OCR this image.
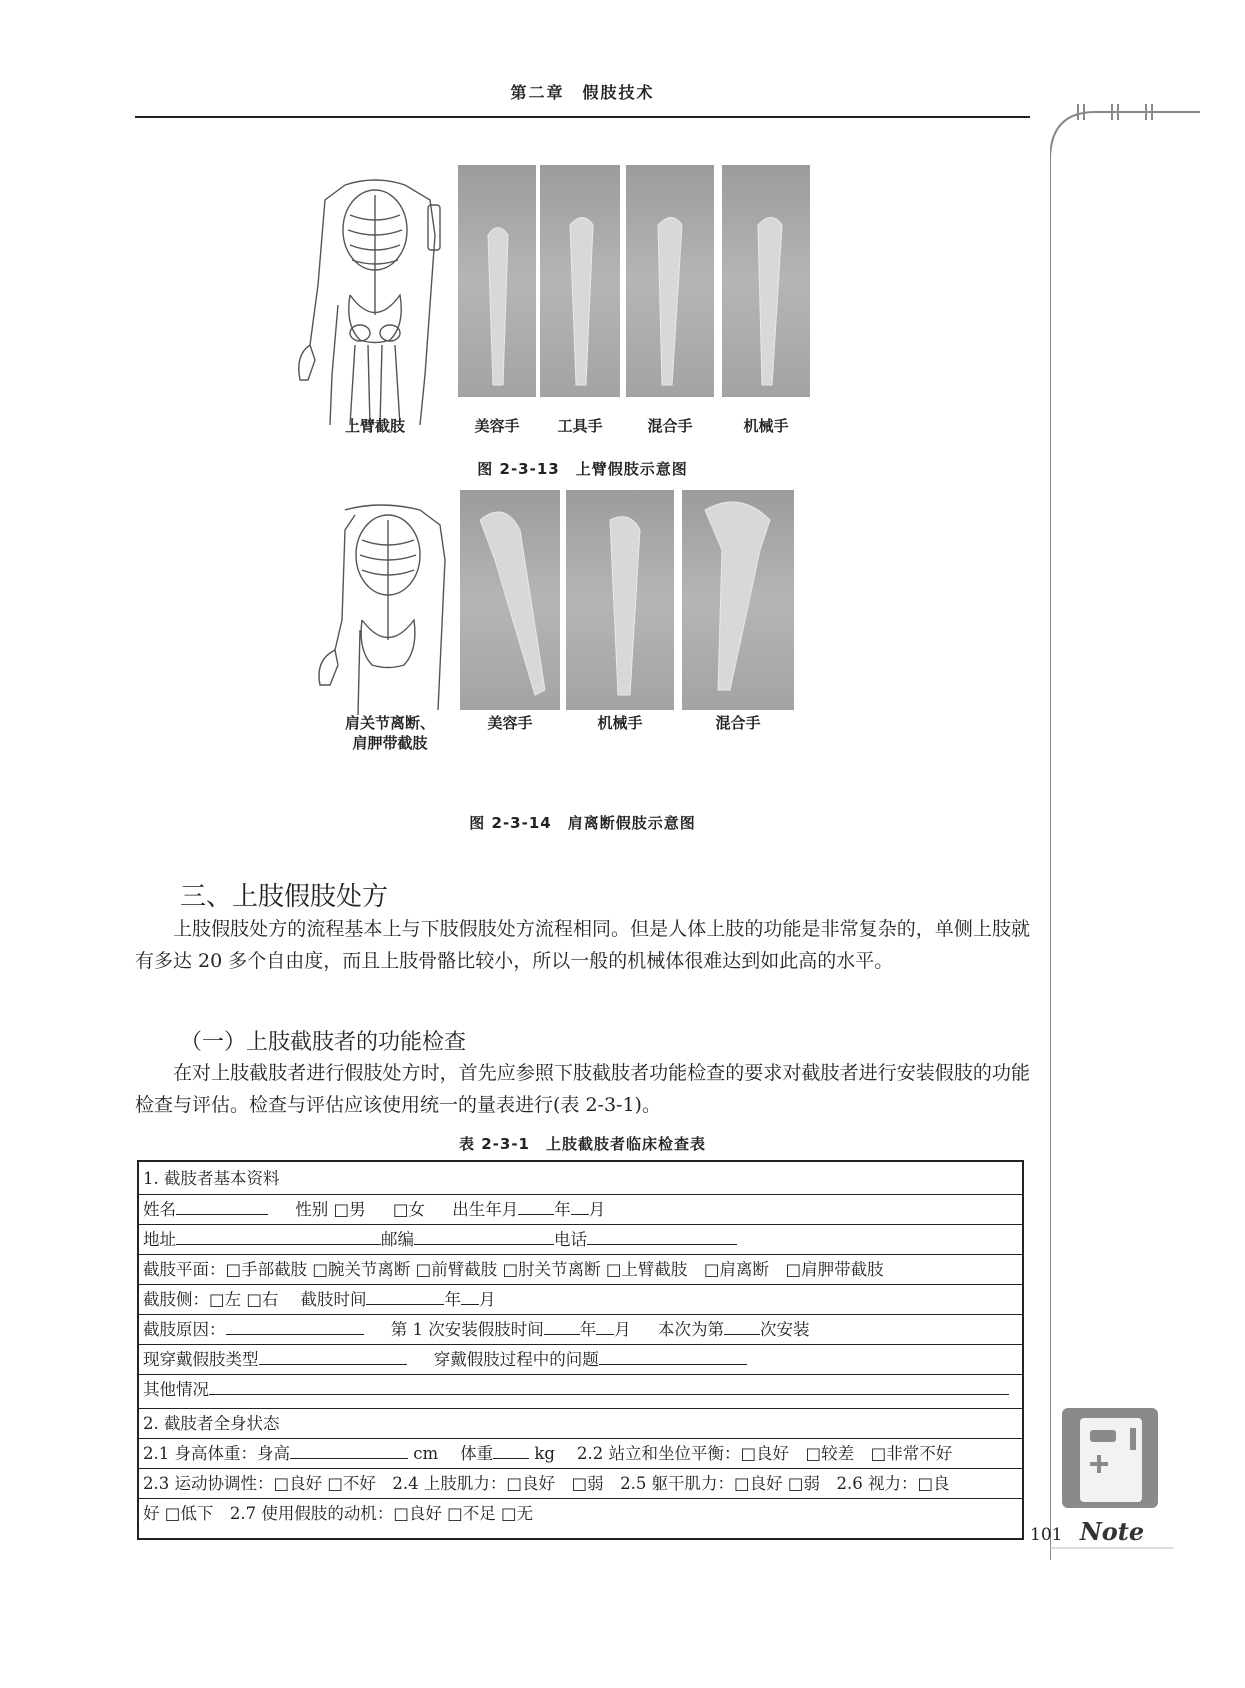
第二章　假肢技术
Note
上臂截肢	美容手	工具手	混合手	机械手
图 2-3-13　上臂假肢示意图
肩关节离断、
肩胛带截肢
美容手	机械手	混合手
图 2-3-14　肩离断假肢示意图
三、上肢假肢处方

上肢假肢处方的流程基本上与下肢假肢处方流程相同。但是人体上肢的功能是非常复杂的，单侧上肢就有多达 20 多个自由度，而且上肢骨骼比较小，所以一般的机械体很难达到如此高的水平。

（一）上肢截肢者的功能检查

在对上肢截肢者进行假肢处方时，首先应参照下肢截肢者功能检查的要求对截肢者进行安装假肢的功能检查与评估。检查与评估应该使用统一的量表进行(表 2-3-1)。

表 2-3-1　上肢截肢者临床检查表
1. 截肢者基本资料
姓名	性别 □男 □女 出生年月 年 月
地址	邮编	电话
截肢平面：□手部截肢 □腕关节离断 □前臂截肢 □肘关节离断 □上臂截肢　□肩离断　□肩胛带截肢
截肢侧：□左 □右 截肢时间	年 月
截肢原因：	第 1 次安装假肢时间 年 月 本次为第 次安装
现穿戴假肢类型	穿戴假肢过程中的问题
其他情况
2. 截肢者全身状态
2.1 身高体重：身高	cm 体重	kg 2.2 站立和坐位平衡：□良好　□较差　□非常不好
2.3 运动协调性：□良好 □不好　2.4 上肢肌力：□良好　□弱　2.5 躯干肌力：□良好 □弱　2.6 视力：□良
好 □低下　2.7 使用假肢的动机：□良好 □不足 □无
101
